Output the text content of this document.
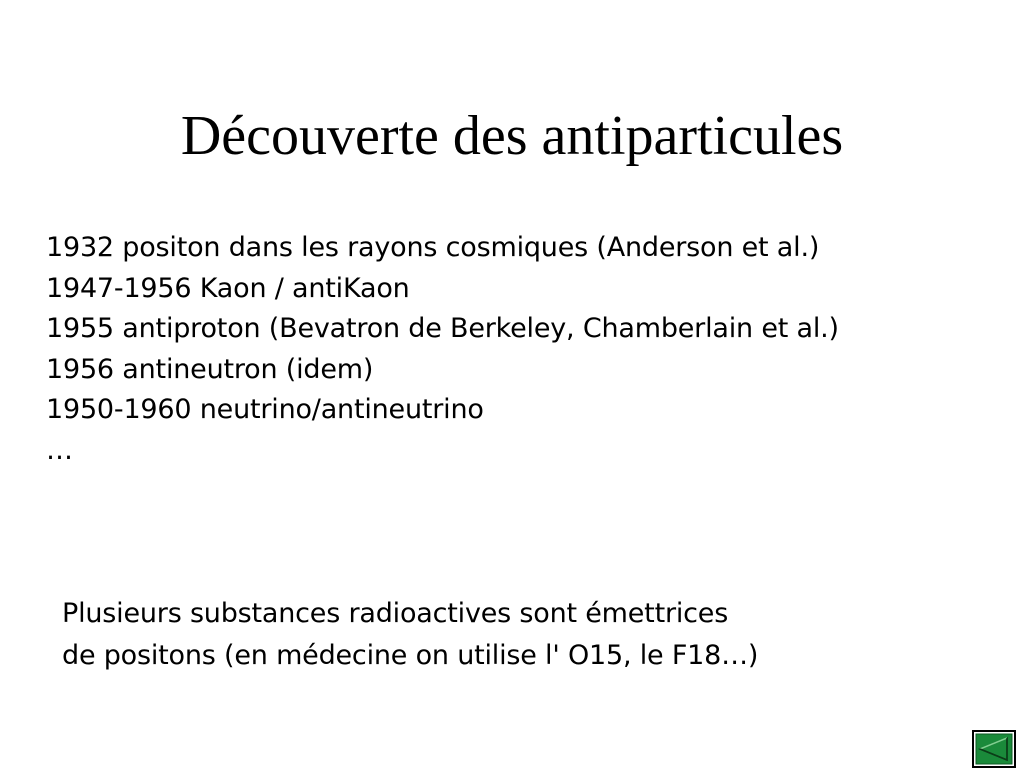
Découverte des antiparticules
1932 positon dans les rayons cosmiques (Anderson et al.)
1947-1956 Kaon / antiKaon
1955 antiproton (Bevatron de Berkeley, Chamberlain et al.)
1956 antineutron (idem)
1950-1960 neutrino/antineutrino
…

Plusieurs substances radioactives sont émettrices
de positons (en médecine on utilise l' O15, le F18…)
